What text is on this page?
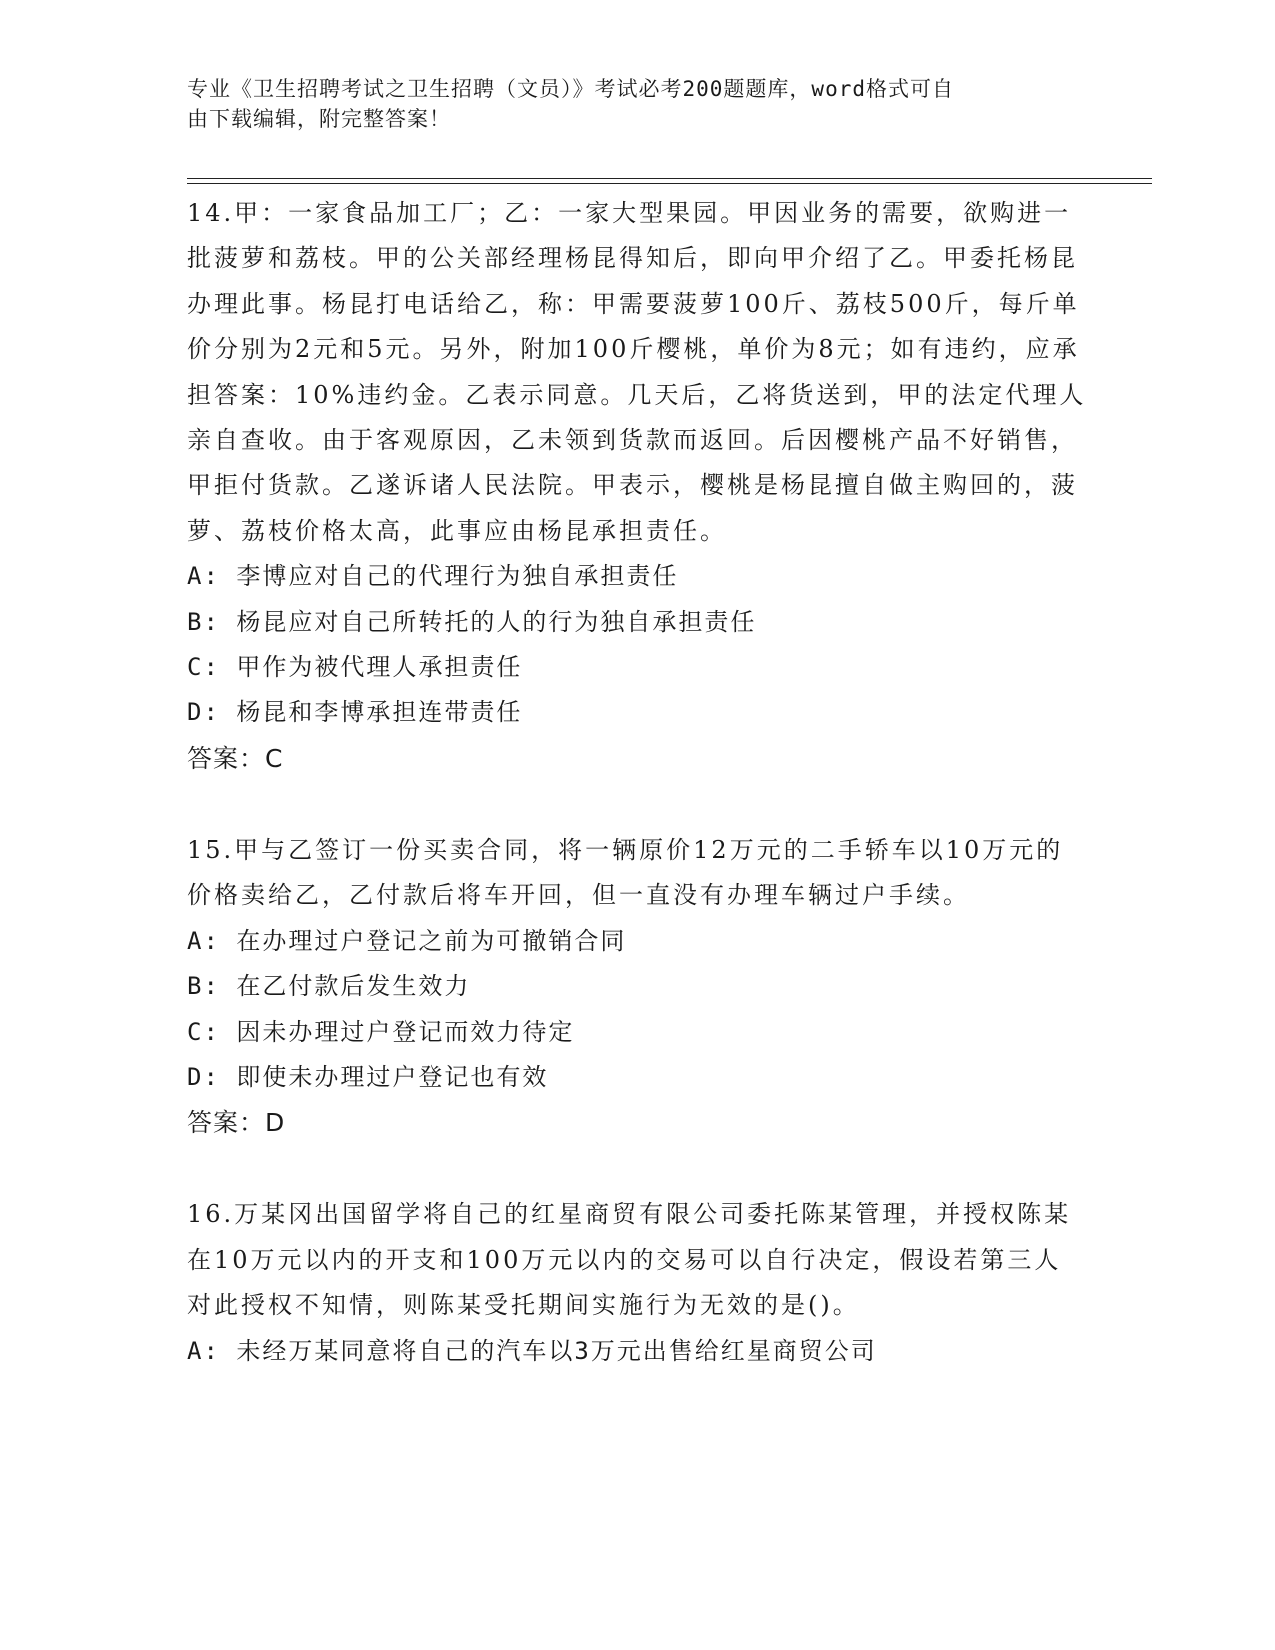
专业《卫生招聘考试之卫生招聘（文员）》考试必考200题题库，word格式可自
由下载编辑，附完整答案！

14.甲：一家食品加工厂；乙：一家大型果园。甲因业务的需要，欲购进一批菠萝和荔枝。甲的公关部经理杨昆得知后，即向甲介绍了乙。甲委托杨昆办理此事。杨昆打电话给乙，称：甲需要菠萝100斤、荔枝500斤，每斤单价分别为2元和5元。另外，附加100斤樱桃，单价为8元；如有违约，应承担答案：10%违约金。乙表示同意。几天后，乙将货送到，甲的法定代理人亲自查收。由于客观原因，乙未领到货款而返回。后因樱桃产品不好销售，甲拒付货款。乙遂诉诸人民法院。甲表示，樱桃是杨昆擅自做主购回的，菠萝、荔枝价格太高，此事应由杨昆承担责任。

A: 李博应对自己的代理行为独自承担责任

B: 杨昆应对自己所转托的人的行为独自承担责任

C: 甲作为被代理人承担责任

D: 杨昆和李博承担连带责任

答案：C

15.甲与乙签订一份买卖合同，将一辆原价12万元的二手轿车以10万元的价格卖给乙，乙付款后将车开回，但一直没有办理车辆过户手续。

A: 在办理过户登记之前为可撤销合同

B: 在乙付款后发生效力

C: 因未办理过户登记而效力待定

D: 即使未办理过户登记也有效

答案：D

16.万某冈出国留学将自己的红星商贸有限公司委托陈某管理，并授权陈某在10万元以内的开支和100万元以内的交易可以自行决定，假设若第三人对此授权不知情，则陈某受托期间实施行为无效的是()。

A: 未经万某同意将自己的汽车以3万元出售给红星商贸公司
